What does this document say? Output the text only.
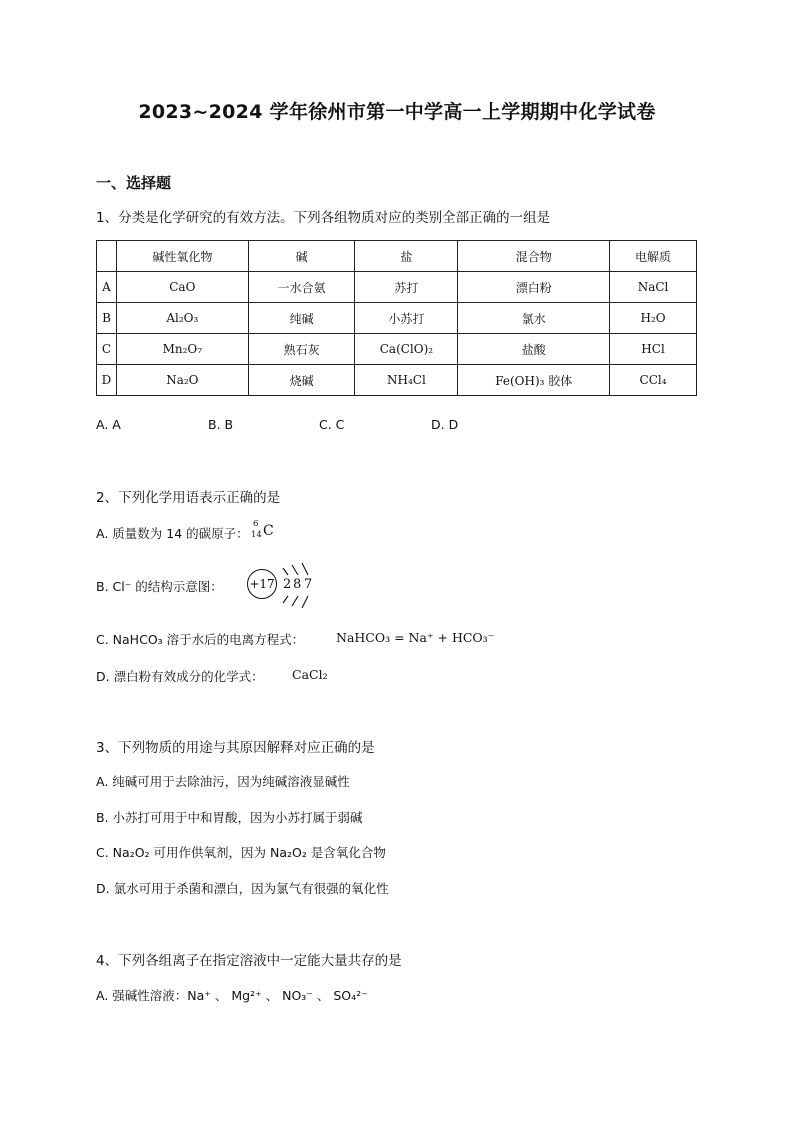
2023~2024 学年徐州市第一中学高一上学期期中化学试卷
一、选择题
1、分类是化学研究的有效方法。下列各组物质对应的类别全部正确的一组是
	碱性氧化物	碱	盐	混合物	电解质
A	CaO	一水合氨	苏打	漂白粉	NaCl
B	Al₂O₃	纯碱	小苏打	氯水	H₂O
C	Mn₂O₇	熟石灰	Ca(ClO)₂	盐酸	HCl
D	Na₂O	烧碱	NH₄Cl	Fe(OH)₃ 胶体	CCl₄
A. A	B. B	C. C	D. D
2、下列化学用语表示正确的是
A. 质量数为 14 的碳原子：
6
14 C
B. Cl⁻ 的结构示意图： +17 2 8 7
C. NaHCO₃ 溶于水后的电离方程式：	NaHCO₃ = Na⁺ + HCO₃⁻
D. 漂白粉有效成分的化学式： CaCl₂
3、下列物质的用途与其原因解释对应正确的是
A. 纯碱可用于去除油污，因为纯碱溶液显碱性
B. 小苏打可用于中和胃酸，因为小苏打属于弱碱
C. Na₂O₂ 可用作供氧剂，因为 Na₂O₂ 是含氧化合物
D. 氯水可用于杀菌和漂白，因为氯气有很强的氧化性
4、下列各组离子在指定溶液中一定能大量共存的是
A. 强碱性溶液：Na⁺ 、 Mg²⁺ 、 NO₃⁻ 、 SO₄²⁻
